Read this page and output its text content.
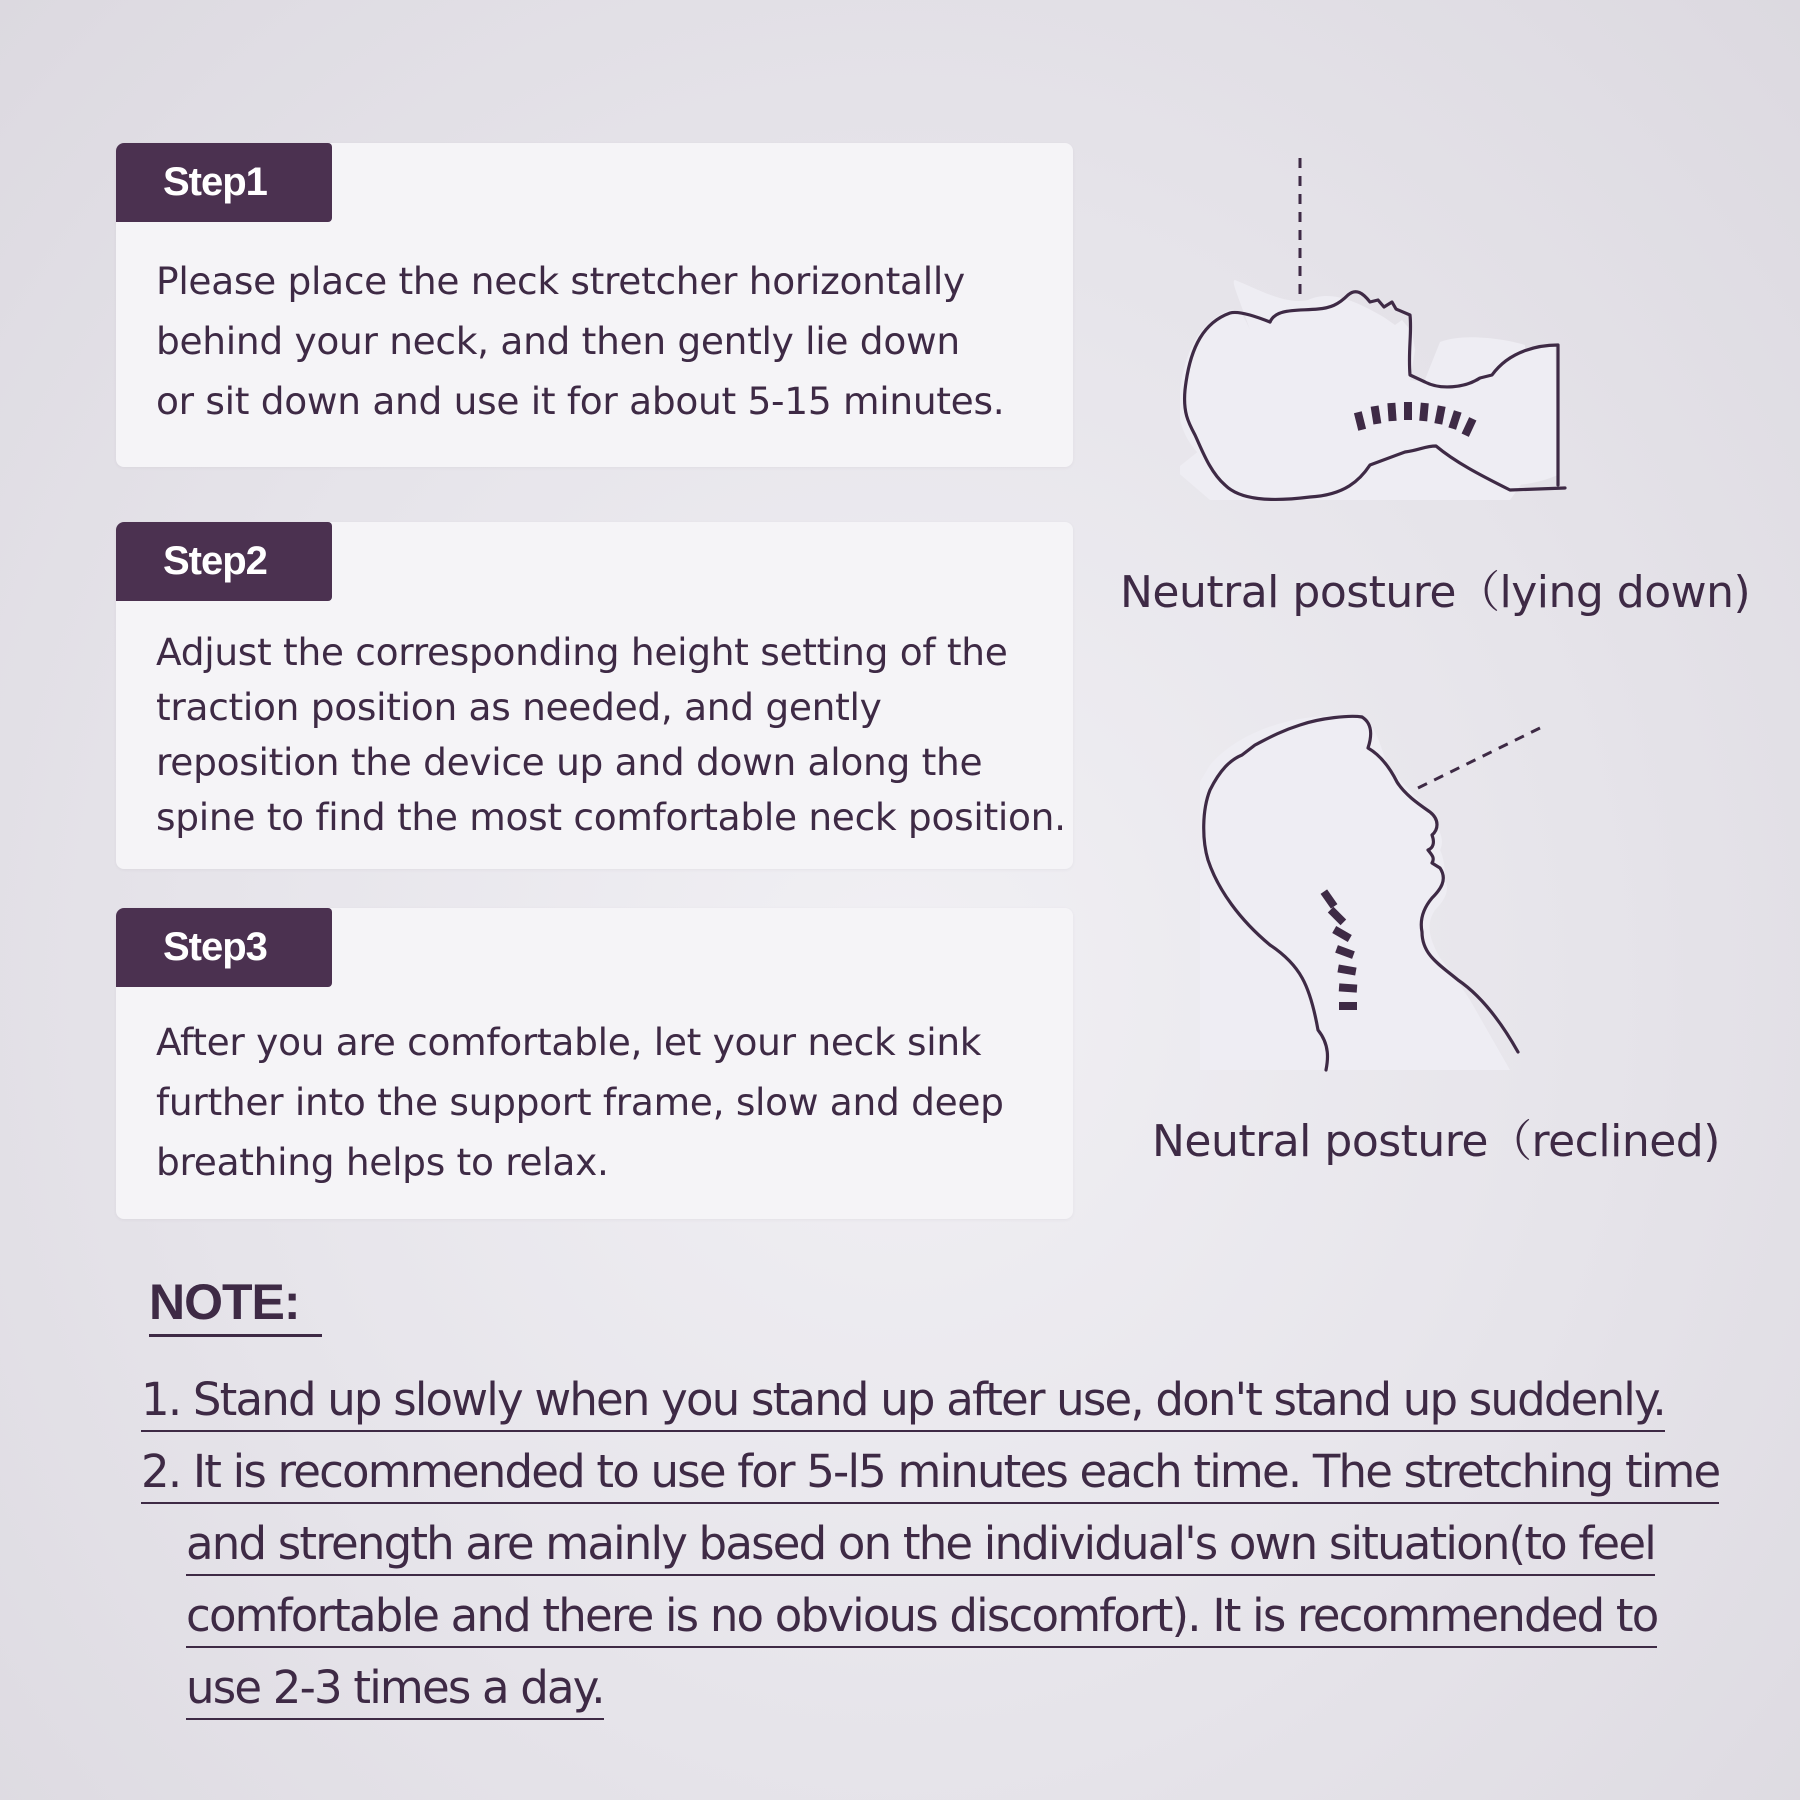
Step1

Please place the neck stretcher horizontally
behind your neck, and then gently lie down
or sit down and use it for about 5-15 minutes.

Step2

Adjust the corresponding height setting of the
traction position as needed, and gently
reposition the device up and down along the
spine to find the most comfortable neck position.

Step3

After you are comfortable, let your neck sink
further into the support frame, slow and deep
breathing helps to relax.

Neutral posture（lying down)
Neutral posture（reclined)
NOTE:
1. Stand up slowly when you stand up after use, don't stand up suddenly.
2. It is recommended to use for 5-l5 minutes each time. The stretching time
and strength are mainly based on the individual's own situation(to feel
comfortable and there is no obvious discomfort). It is recommended to
use 2-3 times a day.
